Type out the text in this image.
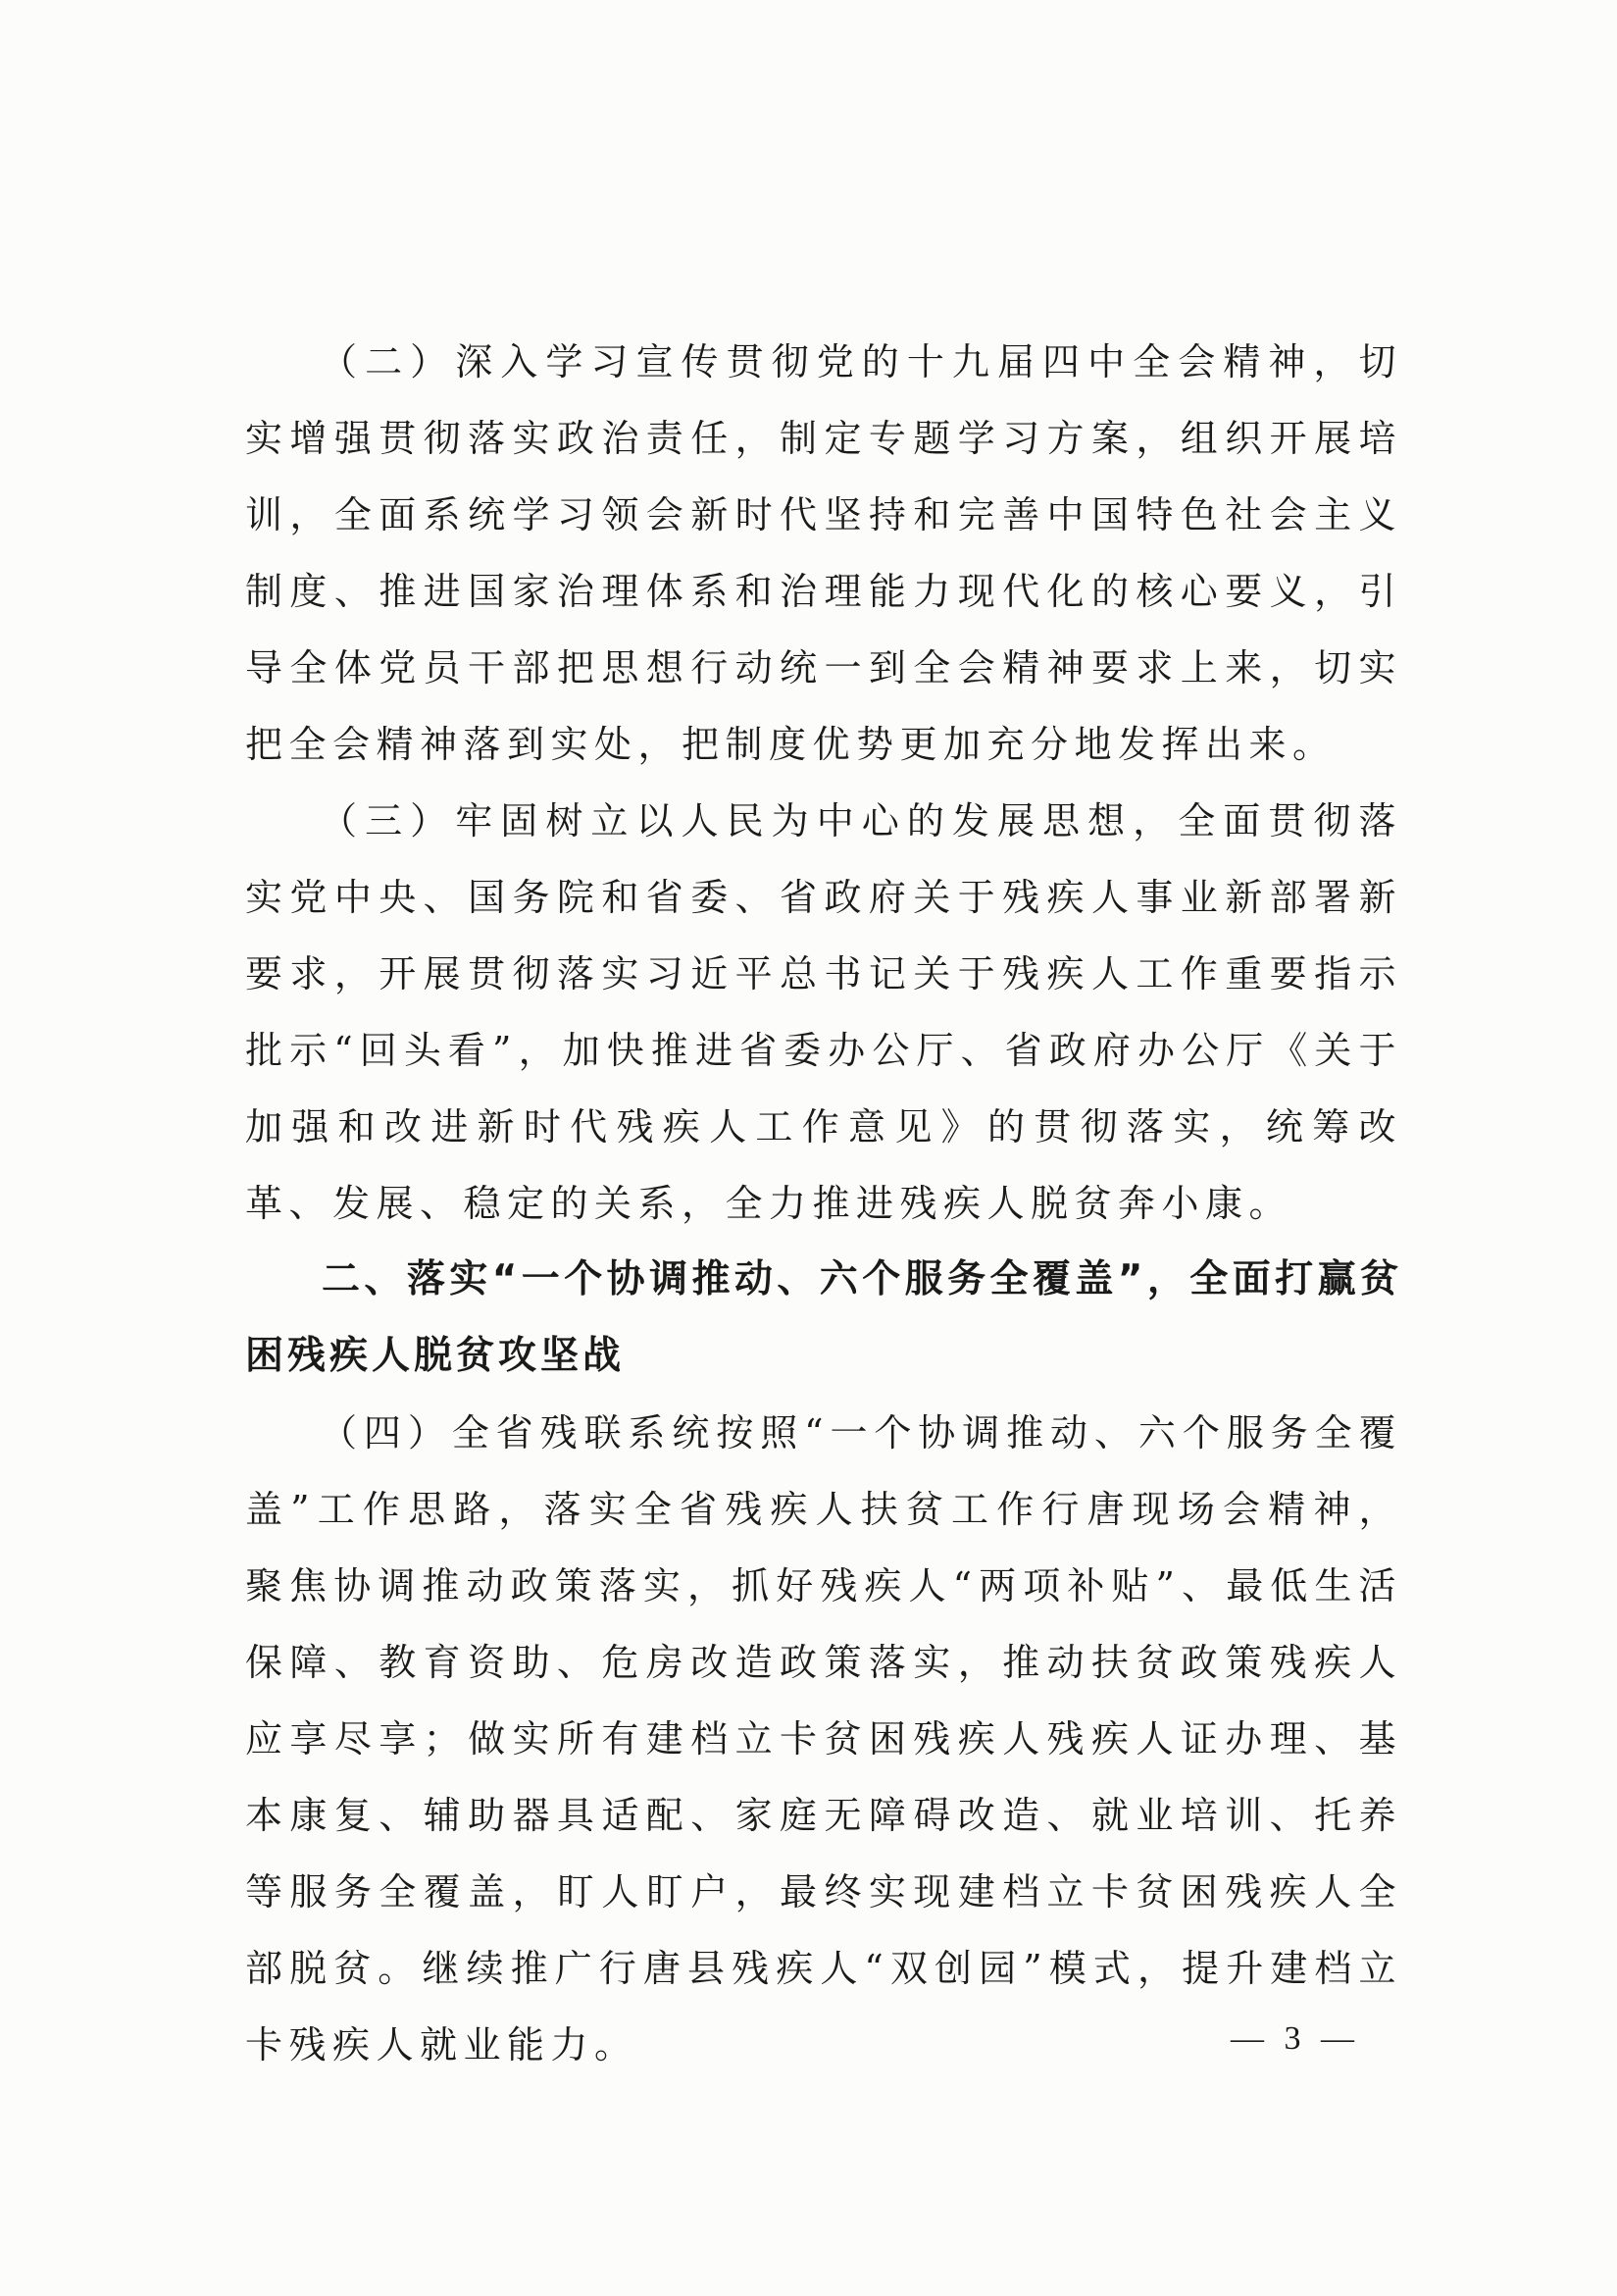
（二）深入学习宣传贯彻党的十九届四中全会精神，切实增强贯彻落实政治责任，制定专题学习方案，组织开展培训，全面系统学习领会新时代坚持和完善中国特色社会主义制度、推进国家治理体系和治理能力现代化的核心要义，引导全体党员干部把思想行动统一到全会精神要求上来，切实把全会精神落到实处，把制度优势更加充分地发挥出来。

（三）牢固树立以人民为中心的发展思想，全面贯彻落实党中央、国务院和省委、省政府关于残疾人事业新部署新要求，开展贯彻落实习近平总书记关于残疾人工作重要指示批示“回头看”，加快推进省委办公厅、省政府办公厅《关于加强和改进新时代残疾人工作意见》的贯彻落实，统筹改革、发展、稳定的关系，全力推进残疾人脱贫奔小康。

二、落实“一个协调推动、六个服务全覆盖”，全面打赢贫困残疾人脱贫攻坚战

（四）全省残联系统按照“一个协调推动、六个服务全覆盖”工作思路，落实全省残疾人扶贫工作行唐现场会精神，聚焦协调推动政策落实，抓好残疾人“两项补贴”、最低生活保障、教育资助、危房改造政策落实，推动扶贫政策残疾人应享尽享；做实所有建档立卡贫困残疾人残疾人证办理、基本康复、辅助器具适配、家庭无障碍改造、就业培训、托养等服务全覆盖，盯人盯户，最终实现建档立卡贫困残疾人全部脱贫。继续推广行唐县残疾人“双创园”模式，提升建档立卡残疾人就业能力。	— 3 —
